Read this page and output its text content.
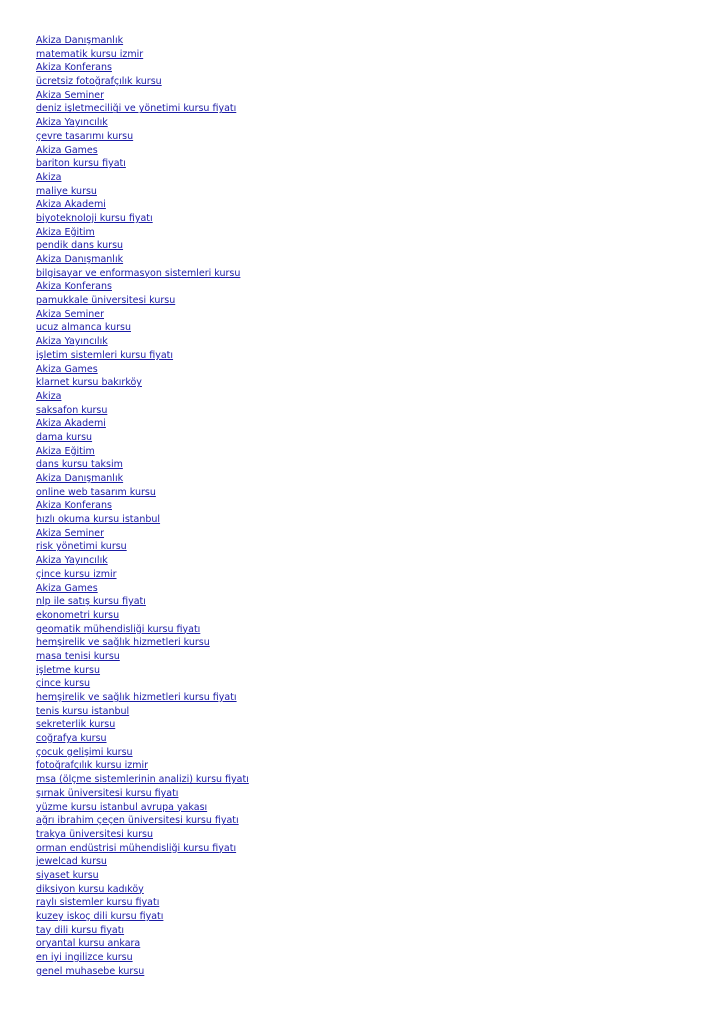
Akiza Danışmanlık
matematik kursu izmir
Akiza Konferans
ücretsiz fotoğrafçılık kursu
Akiza Seminer
deniz işletmeciliği ve yönetimi kursu fiyatı
Akiza Yayıncılık
çevre tasarımı kursu
Akiza Games
bariton kursu fiyatı
Akiza
maliye kursu
Akiza Akademi
biyoteknoloji kursu fiyatı
Akiza Eğitim
pendik dans kursu
Akiza Danışmanlık
bilgisayar ve enformasyon sistemleri kursu
Akiza Konferans
pamukkale üniversitesi kursu
Akiza Seminer
ucuz almanca kursu
Akiza Yayıncılık
işletim sistemleri kursu fiyatı
Akiza Games
klarnet kursu bakırköy
Akiza
saksafon kursu
Akiza Akademi
dama kursu
Akiza Eğitim
dans kursu taksim
Akiza Danışmanlık
online web tasarım kursu
Akiza Konferans
hızlı okuma kursu istanbul
Akiza Seminer
risk yönetimi kursu
Akiza Yayıncılık
çince kursu izmir
Akiza Games
nlp ile satış kursu fiyatı
ekonometri kursu
geomatik mühendisliği kursu fiyatı
hemşirelik ve sağlık hizmetleri kursu
masa tenisi kursu
işletme kursu
çince kursu
hemşirelik ve sağlık hizmetleri kursu fiyatı
tenis kursu istanbul
sekreterlik kursu
coğrafya kursu
çocuk gelişimi kursu
fotoğrafçılık kursu izmir
msa (ölçme sistemlerinin analizi) kursu fiyatı
şırnak üniversitesi kursu fiyatı
yüzme kursu istanbul avrupa yakası
ağrı ibrahim çeçen üniversitesi kursu fiyatı
trakya üniversitesi kursu
orman endüstrisi mühendisliği kursu fiyatı
jewelcad kursu
siyaset kursu
diksiyon kursu kadıköy
raylı sistemler kursu fiyatı
kuzey iskoç dili kursu fiyatı
tay dili kursu fiyatı
oryantal kursu ankara
en iyi ingilizce kursu
genel muhasebe kursu
